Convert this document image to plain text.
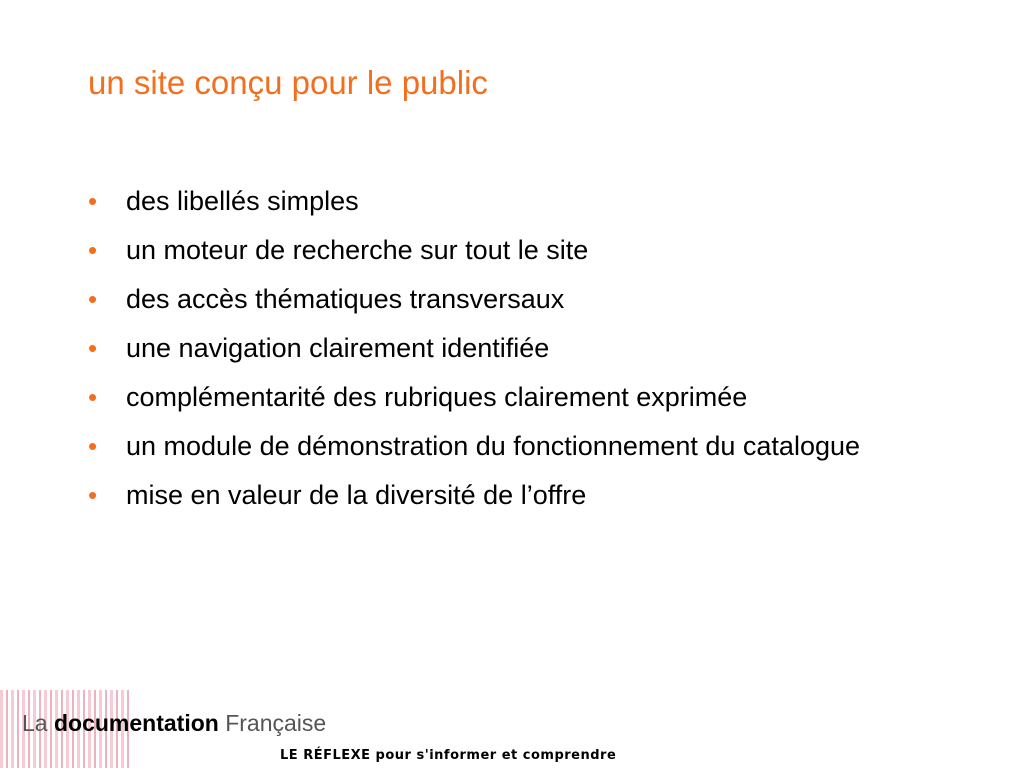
un site conçu pour le public
•	des libellés simples
•	un moteur de recherche sur tout le site
•	des accès thématiques transversaux
•	une navigation clairement identifiée
•	complémentarité des rubriques clairement exprimée
•	un module de démonstration du fonctionnement du catalogue
•	mise en valeur de la diversité de l’offre
La documentation Française
LE RÉFLEXE pour s'informer et comprendre
